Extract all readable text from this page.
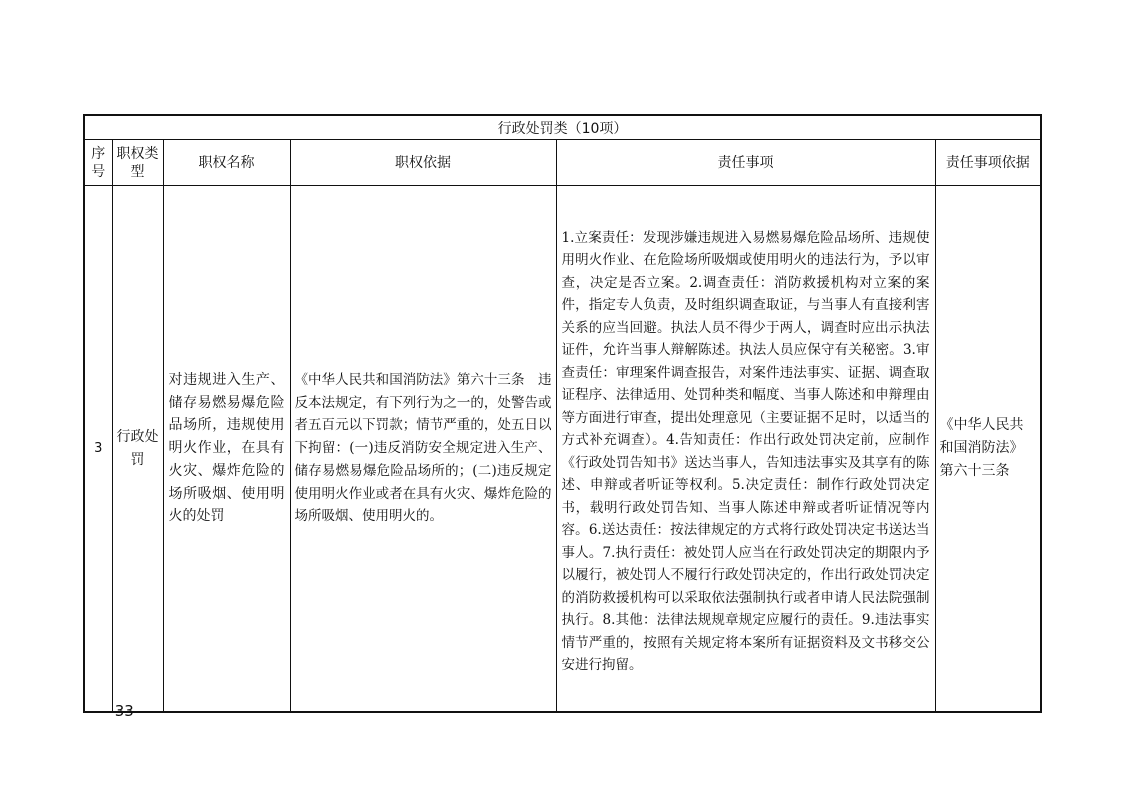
行政处罚类（10项）					
序号	职权类型	职权名称	职权依据	责任事项	责任事项依据
3	行政处罚	对违规进入生产、储存易燃易爆危险品场所，违规使用明火作业，在具有火灾、爆炸危险的场所吸烟、使用明火的处罚	《中华人民共和国消防法》第六十三条　违反本法规定，有下列行为之一的，处警告或者五百元以下罚款；情节严重的，处五日以下拘留：(一)违反消防安全规定进入生产、储存易燃易爆危险品场所的；(二)违反规定使用明火作业或者在具有火灾、爆炸危险的场所吸烟、使用明火的。	1.立案责任：发现涉嫌违规进入易燃易爆危险品场所、违规使用明火作业、在危险场所吸烟或使用明火的违法行为，予以审查，决定是否立案。2.调查责任：消防救援机构对立案的案件，指定专人负责，及时组织调查取证，与当事人有直接利害关系的应当回避。执法人员不得少于两人，调查时应出示执法证件，允许当事人辩解陈述。执法人员应保守有关秘密。3.审查责任：审理案件调查报告，对案件违法事实、证据、调查取证程序、法律适用、处罚种类和幅度、当事人陈述和申辩理由等方面进行审查，提出处理意见（主要证据不足时，以适当的方式补充调查）。4.告知责任：作出行政处罚决定前，应制作《行政处罚告知书》送达当事人，告知违法事实及其享有的陈述、申辩或者听证等权利。5.决定责任：制作行政处罚决定书，载明行政处罚告知、当事人陈述申辩或者听证情况等内容。6.送达责任：按法律规定的方式将行政处罚决定书送达当事人。7.执行责任：被处罚人应当在行政处罚决定的期限内予以履行，被处罚人不履行行政处罚决定的，作出行政处罚决定的消防救援机构可以采取依法强制执行或者申请人民法院强制执行。8.其他：法律法规规章规定应履行的责任。9.违法事实情节严重的，按照有关规定将本案所有证据资料及文书移交公安进行拘留。	《中华人民共和国消防法》第六十三条
— 33 —
